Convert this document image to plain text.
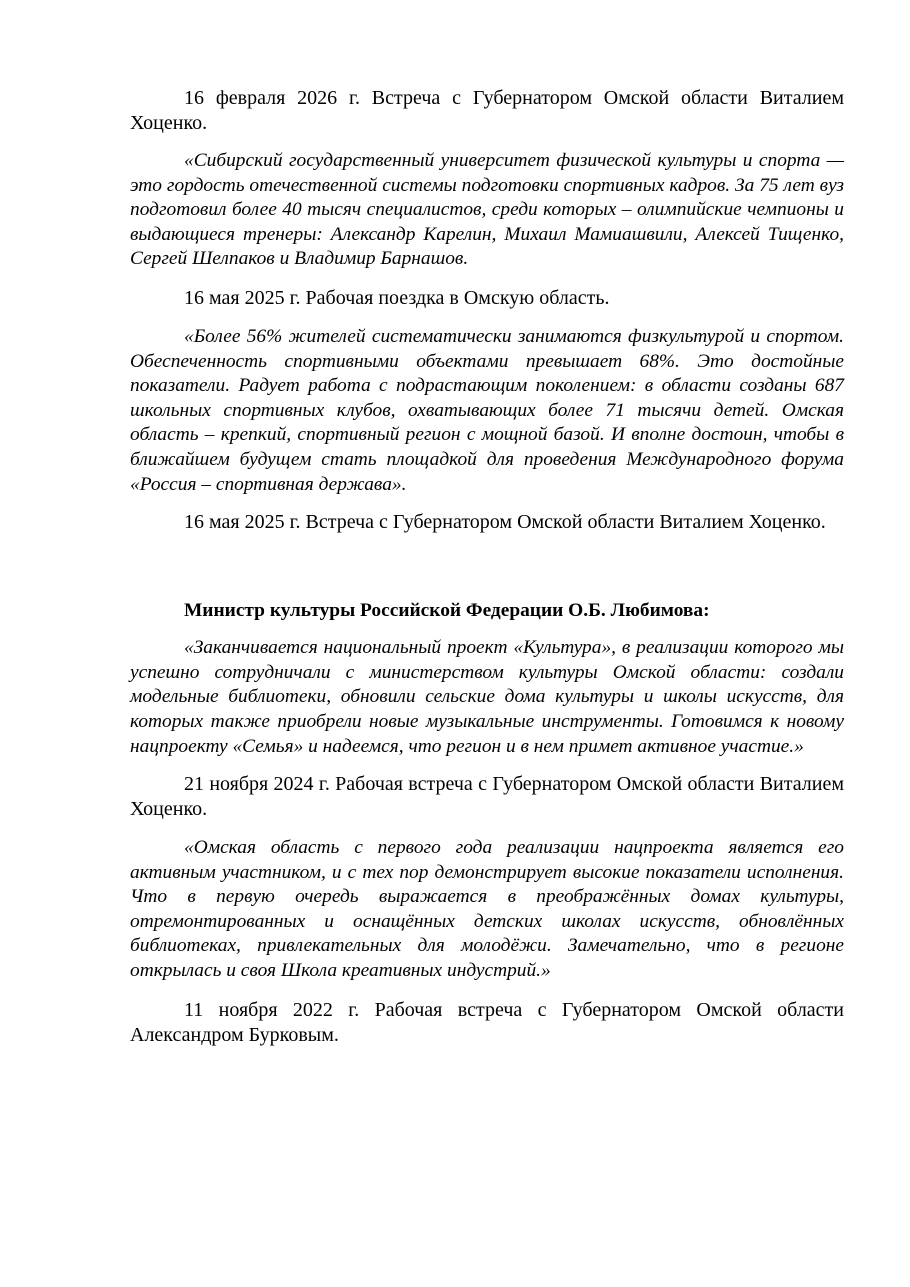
16 февраля 2026 г. Встреча с Губернатором Омской области Виталием Хоценко.

«Сибирский государственный университет физической культуры и спорта — это гордость отечественной системы подготовки спортивных кадров. За 75 лет вуз подготовил более 40 тысяч специалистов, среди которых – олимпийские чемпионы и выдающиеся тренеры: Александр Карелин, Михаил Мамиашвили, Алексей Тищенко, Сергей Шелпаков и Владимир Барнашов.

16 мая 2025 г. Рабочая поездка в Омскую область.

«Более 56% жителей систематически занимаются физкультурой и спортом. Обеспеченность спортивными объектами превышает 68%. Это достойные показатели. Радует работа с подрастающим поколением: в области созданы 687 школьных спортивных клубов, охватывающих более 71 тысячи детей. Омская область – крепкий, спортивный регион с мощной базой. И вполне достоин, чтобы в ближайшем будущем стать площадкой для проведения Международного форума «Россия – спортивная держава».

16 мая 2025 г. Встреча с Губернатором Омской области Виталием Хоценко.

Министр культуры Российской Федерации О.Б. Любимова:

«Заканчивается национальный проект «Культура», в реализации которого мы успешно сотрудничали с министерством культуры Омской области: создали модельные библиотеки, обновили сельские дома культуры и школы искусств, для которых также приобрели новые музыкальные инструменты. Готовимся к новому нацпроекту «Семья» и надеемся, что регион и в нем примет активное участие.»

21 ноября 2024 г. Рабочая встреча с Губернатором Омской области Виталием Хоценко.

«Омская область с первого года реализации нацпроекта является его активным участником, и с тех пор демонстрирует высокие показатели исполнения. Что в первую очередь выражается в преображённых домах культуры, отремонтированных и оснащённых детских школах искусств, обновлённых библиотеках, привлекательных для молодёжи. Замечательно, что в регионе открылась и своя Школа креативных индустрий.»

11 ноября 2022 г. Рабочая встреча с Губернатором Омской области Александром Бурковым.
